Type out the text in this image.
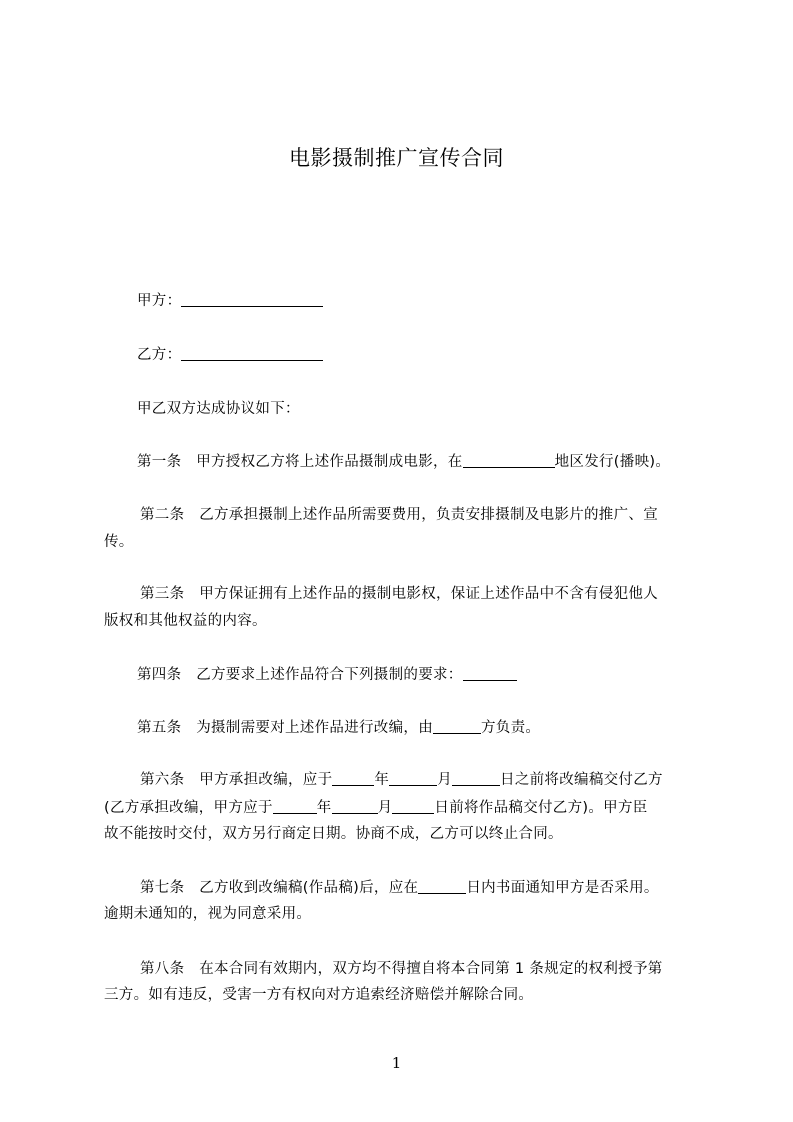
电影摄制推广宣传合同
甲方：
乙方：
甲乙双方达成协议如下：
第一条　甲方授权乙方将上述作品摄制成电影，在	地区发行(播映)。
第二条　乙方承担摄制上述作品所需要费用，负责安排摄制及电影片的推广、宣
传。
第三条　甲方保证拥有上述作品的摄制电影权，保证上述作品中不含有侵犯他人
版权和其他权益的内容。
第四条　乙方要求上述作品符合下列摄制的要求：
第五条　为摄制需要对上述作品进行改编，由	方负责。
第六条　甲方承担改编，应于	年	月	日之前将改编稿交付乙方
(乙方承担改编，甲方应于	年	月	日前将作品稿交付乙方)。甲方臣
故不能按时交付，双方另行商定日期。协商不成，乙方可以终止合同。
第七条　乙方收到改编稿(作品稿)后，应在	日内书面通知甲方是否采用。
逾期未通知的，视为同意采用。
第八条　在本合同有效期内，双方均不得擅自将本合同第 1 条规定的权利授予第
三方。如有违反，受害一方有权向对方追索经济赔偿并解除合同。
1
